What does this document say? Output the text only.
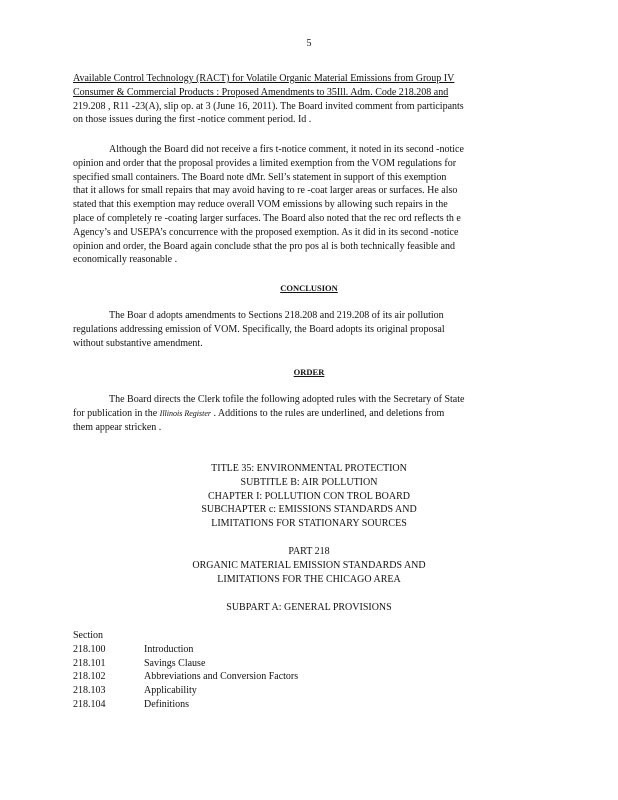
5
Available Control Technology (RACT) for Volatile Organic Material Emissions from Group IV
Consumer & Commercial Products : Proposed Amendments to 35Ill. Adm. Code 218.208 and
219.208 , R11 -23(A), slip op. at 3 (June 16, 2011). The Board invited comment from participants
on those issues during the first -notice comment period. Id .
Although the Board did not receive a firs t-notice comment, it noted in its second -notice
opinion and order that the proposal provides a limited exemption from the VOM regulations for
specified small containers. The Board note dMr. Sell’s statement in support of this exemption
that it allows for small repairs that may avoid having to re -coat larger areas or surfaces. He also
stated that this exemption may reduce overall VOM emissions by allowing such repairs in the
place of completely re -coating larger surfaces. The Board also noted that the rec ord reflects th e
Agency’s and USEPA’s concurrence with the proposed exemption. As it did in its second -notice
opinion and order, the Board again conclude sthat the pro pos al is both technically feasible and
economically reasonable .
CONCLUSION
The Boar d adopts amendments to Sections 218.208 and 219.208 of its air pollution
regulations addressing emission of VOM. Specifically, the Board adopts its original proposal
without substantive amendment.
ORDER
The Board directs the Clerk tofile the following adopted rules with the Secretary of State
for publication in the Illinois Register . Additions to the rules are underlined, and deletions from
them appear stricken .
TITLE 35: ENVIRONMENTAL PROTECTION
SUBTITLE B: AIR POLLUTION
CHAPTER I: POLLUTION CON TROL BOARD
SUBCHAPTER c: EMISSIONS STANDARDS AND
LIMITATIONS FOR STATIONARY SOURCES
PART 218
ORGANIC MATERIAL EMISSION STANDARDS AND
LIMITATIONS FOR THE CHICAGO AREA
SUBPART A: GENERAL PROVISIONS
Section
218.100	Introduction
218.101	Savings Clause
218.102	Abbreviations and Conversion Factors
218.103	Applicability
218.104	Definitions
